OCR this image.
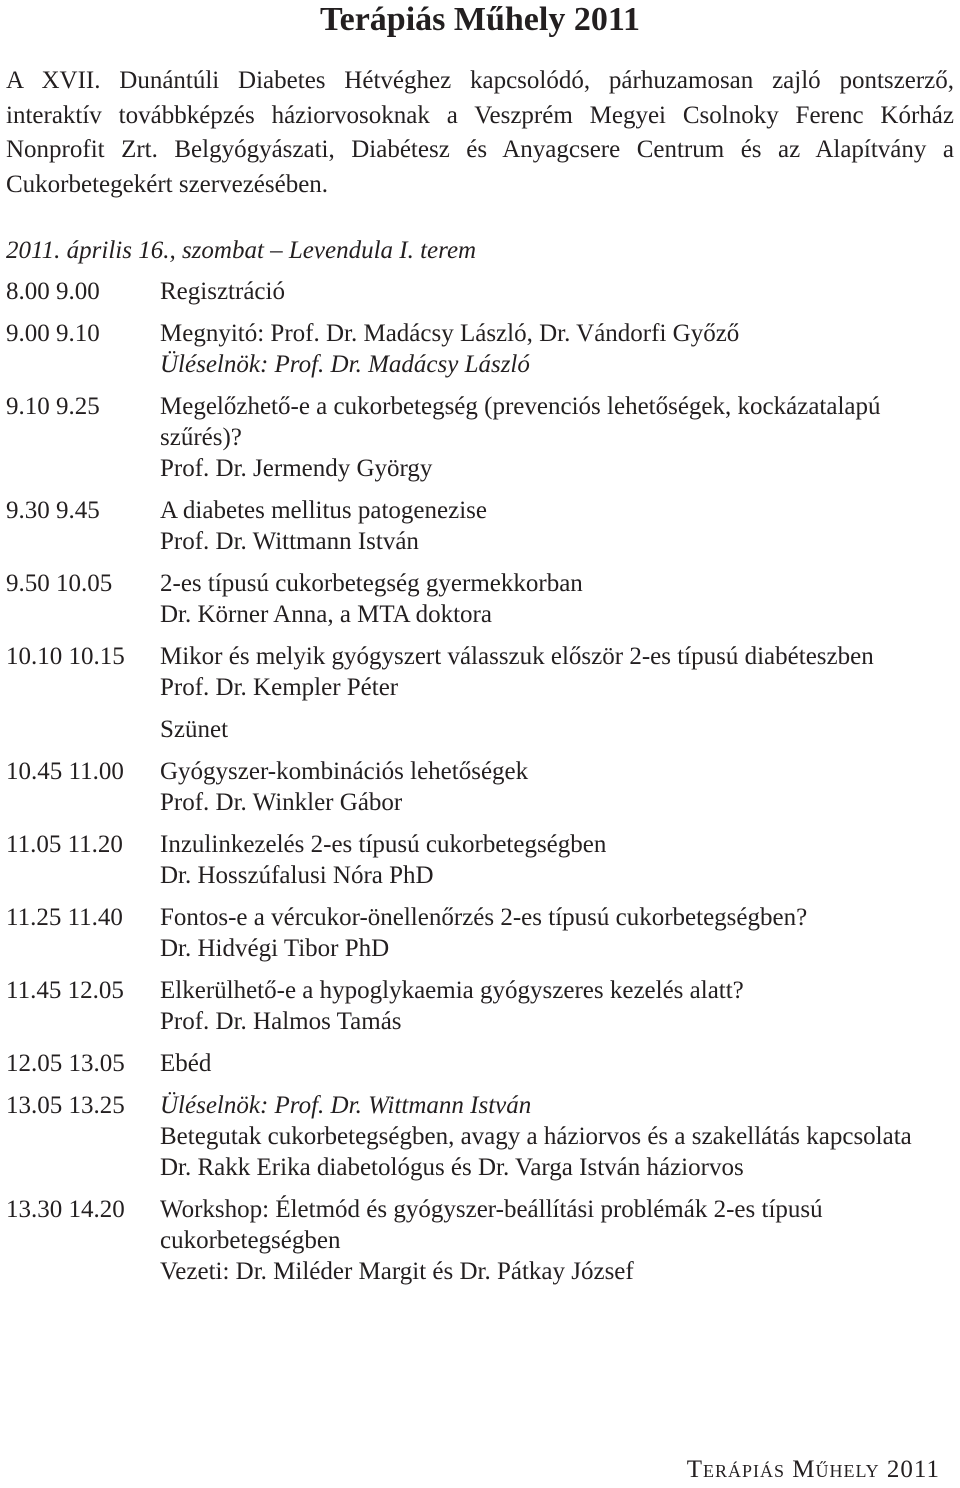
Terápiás Műhely 2011

A XVII. Dunántúli Diabetes Hétvéghez kapcsolódó, párhuzamosan zajló pontszerző, interaktív továbbképzés háziorvosoknak a Veszprém Megyei Csolnoky Ferenc Kórház Nonprofit Zrt. Belgyógyászati, Diabétesz és Anyagcsere Centrum és az Alapítvány a Cukorbetegekért szervezésében.

2011. április 16., szombat – Levendula I. terem

8.00 9.00	Regisztráció
9.00 9.10	Megnyitó: Prof. Dr. Madácsy László, Dr. Vándorfi Győző
Üléselnök: Prof. Dr. Madácsy László
9.10 9.25	Megelőzhető-e a cukorbetegség (prevenciós lehetőségek, kockázatalapú szűrés)?
Prof. Dr. Jermendy György
9.30 9.45	A diabetes mellitus patogenezise
Prof. Dr. Wittmann István
9.50 10.05	2-es típusú cukorbetegség gyermekkorban
Dr. Körner Anna, a MTA doktora
10.10 10.15	Mikor és melyik gyógyszert válasszuk először 2-es típusú diabéteszben
Prof. Dr. Kempler Péter
Szünet
10.45 11.00	Gyógyszer-kombinációs lehetőségek
Prof. Dr. Winkler Gábor
11.05 11.20	Inzulinkezelés 2-es típusú cukorbetegségben
Dr. Hosszúfalusi Nóra PhD
11.25 11.40	Fontos-e a vércukor-önellenőrzés 2-es típusú cukorbetegségben?
Dr. Hidvégi Tibor PhD
11.45 12.05	Elkerülhető-e a hypoglykaemia gyógyszeres kezelés alatt?
Prof. Dr. Halmos Tamás
12.05 13.05	Ebéd
13.05 13.25	Üléselnök: Prof. Dr. Wittmann István
Betegutak cukorbetegségben, avagy a háziorvos és a szakellátás kapcsolata
Dr. Rakk Erika diabetológus és Dr. Varga István háziorvos
13.30 14.20	Workshop: Életmód és gyógyszer-beállítási problémák 2-es típusú cukorbetegségben
Vezeti: Dr. Miléder Margit és Dr. Pátkay József
Terápiás Műhely 2011
